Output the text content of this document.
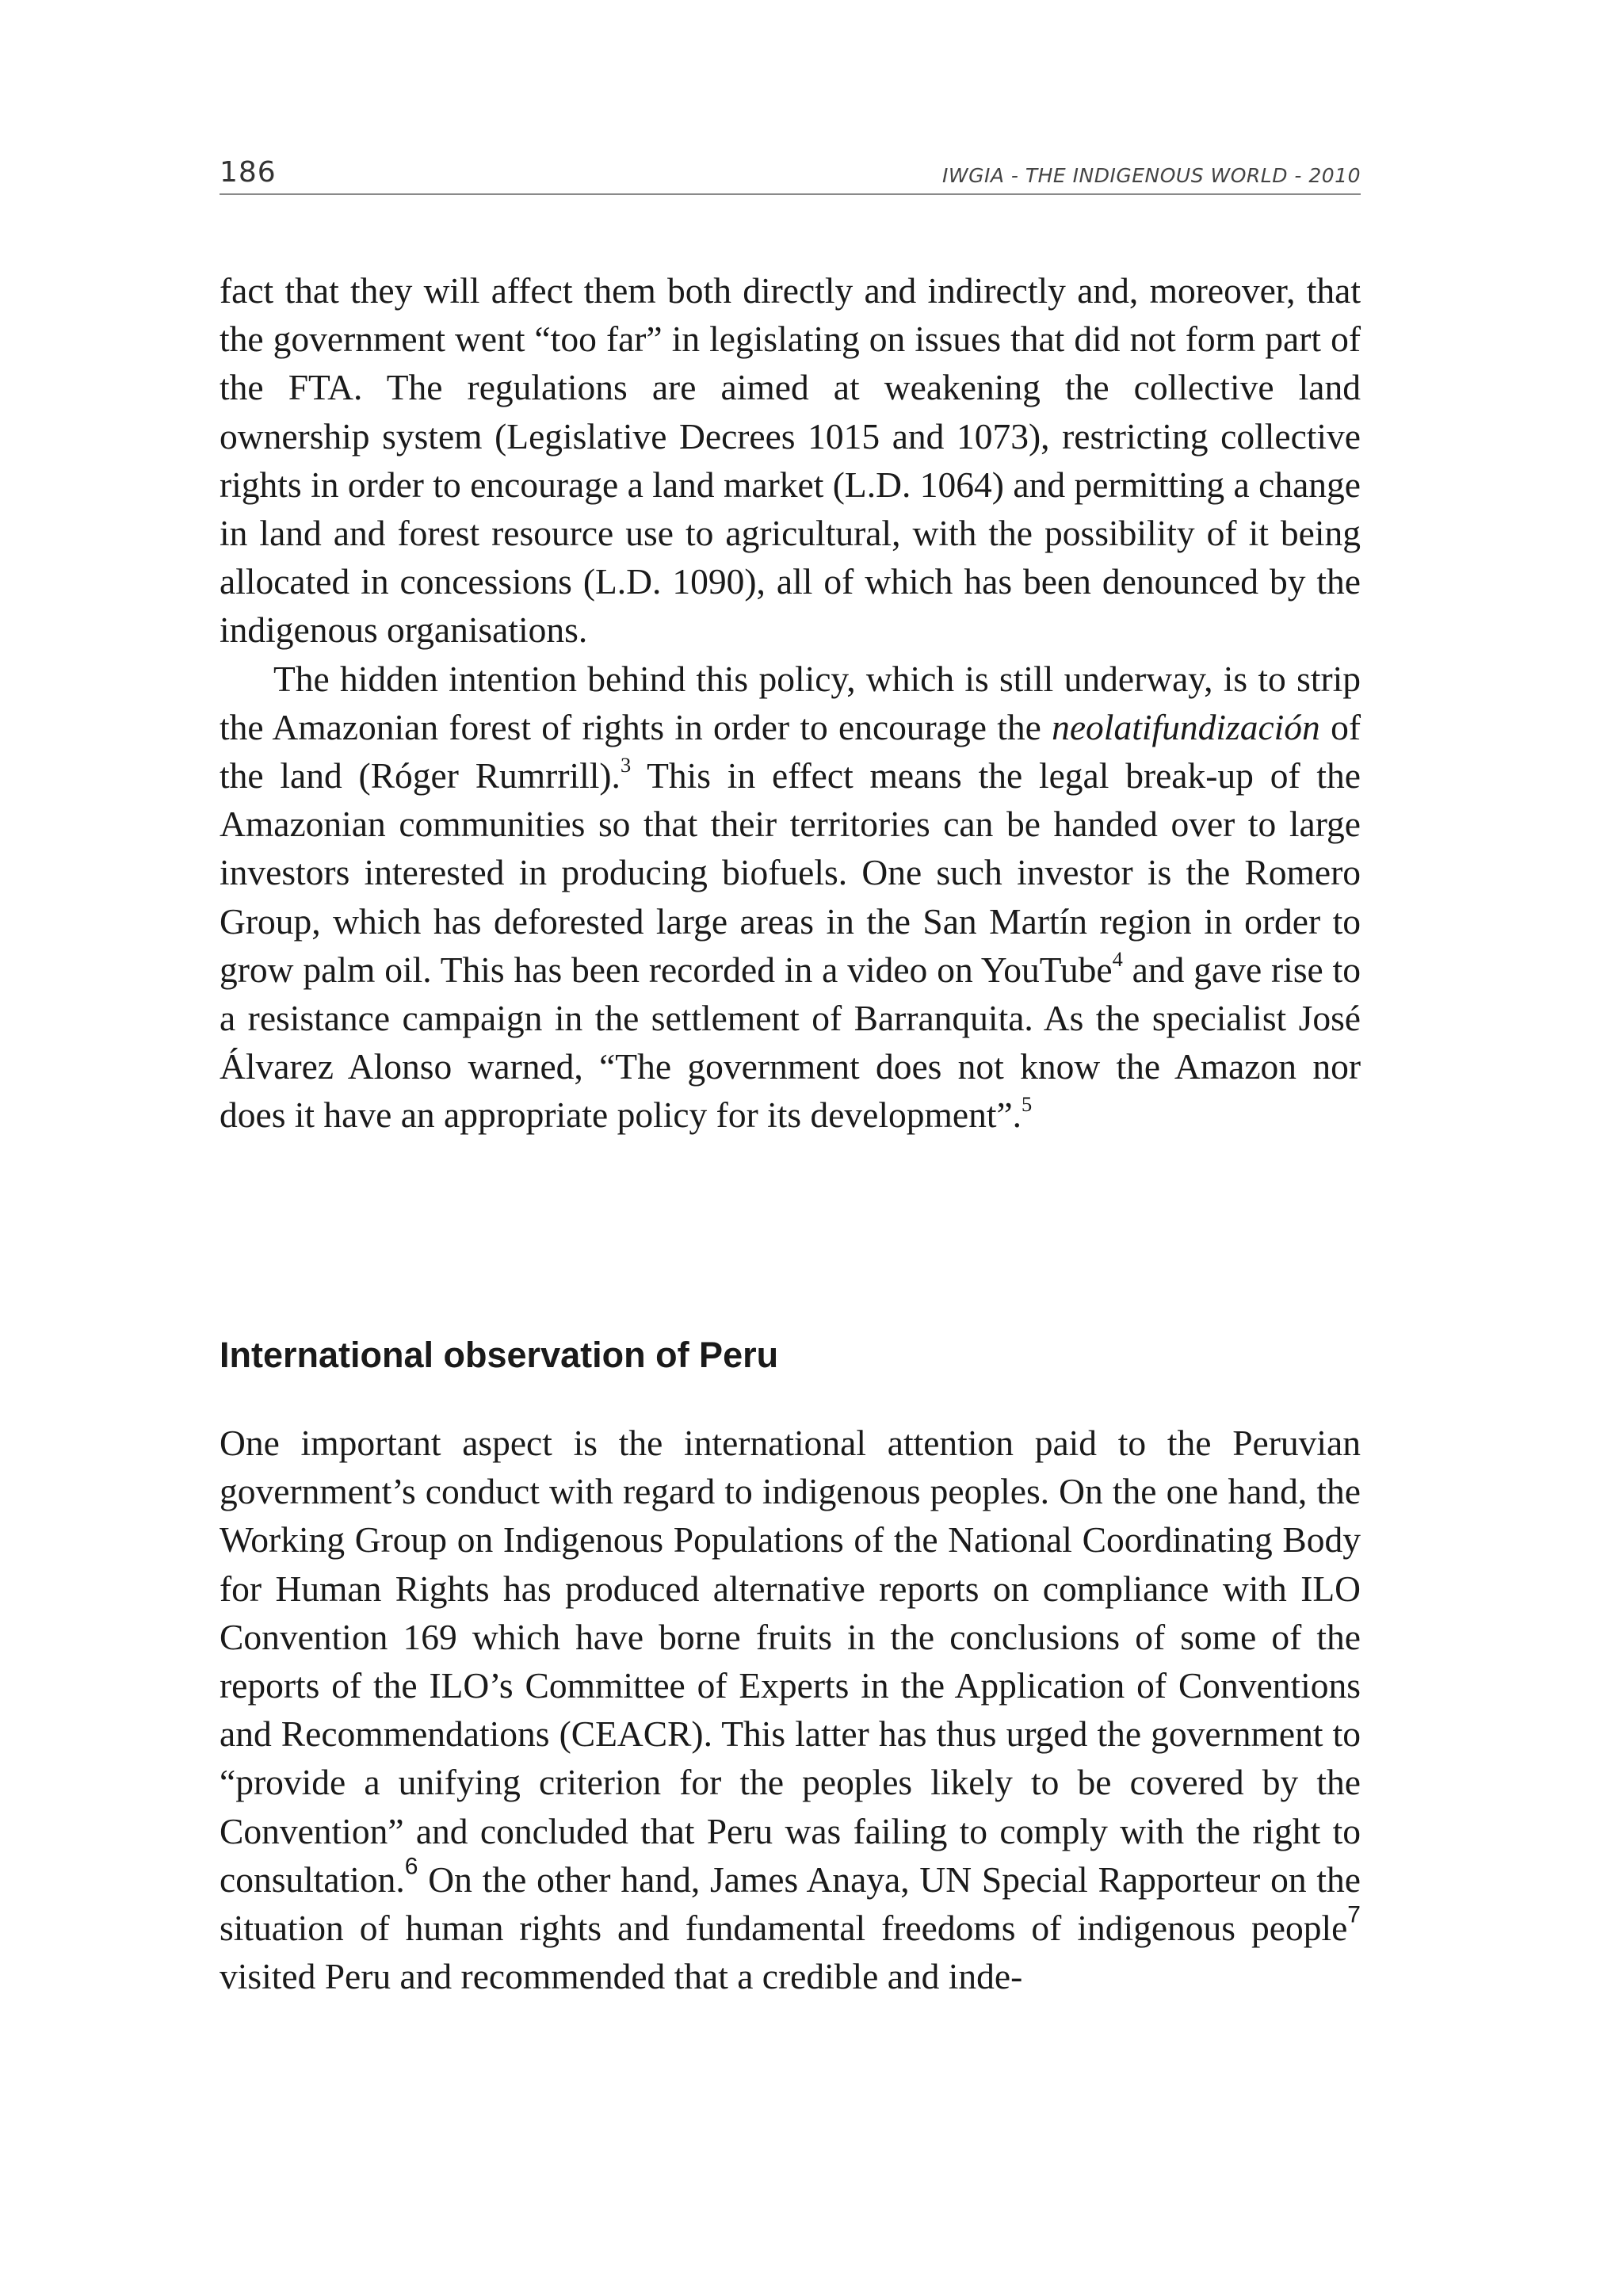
186	IWGIA - THE INDIGENOUS WORLD - 2010

fact that they will affect them both directly and indirectly and, moreover, that the government went “too far” in legislating on issues that did not form part of the FTA. The regulations are aimed at weakening the collective land ownership system (Legislative Decrees 1015 and 1073), restricting collective rights in order to encourage a land market (L.D. 1064) and permitting a change in land and forest resource use to agricultural, with the possibility of it being allocated in concessions (L.D. 1090), all of which has been denounced by the indigenous organisations.

The hidden intention behind this policy, which is still underway, is to strip the Amazonian forest of rights in order to encourage the neolatifundización of the land (Róger Rumrrill).$^3$ This in effect means the legal break-up of the Amazonian communities so that their territories can be handed over to large investors interested in producing biofuels. One such investor is the Romero Group, which has deforested large areas in the San Martín region in order to grow palm oil. This has been recorded in a video on YouTube$^4$ and gave rise to a resistance campaign in the settlement of Barranquita. As the specialist José Álvarez Alonso warned, “The government does not know the Amazon nor does it have an appropriate policy for its development”.$^5$

International observation of Peru

One important aspect is the international attention paid to the Peruvian government’s conduct with regard to indigenous peoples. On the one hand, the Working Group on Indigenous Populations of the National Coordinating Body for Human Rights has produced alternative reports on compliance with ILO Convention 169 which have borne fruits in the conclusions of some of the reports of the ILO’s Committee of Experts in the Application of Conventions and Recommendations (CEACR). This latter has thus urged the government to “provide a unifying criterion for the peoples likely to be covered by the Convention” and concluded that Peru was failing to comply with the right to consultation.$^6$ On the other hand, James Anaya, UN Special Rapporteur on the situation of human rights and fundamental freedoms of indigenous people$^7$ visited Peru and recommended that a credible and inde-
